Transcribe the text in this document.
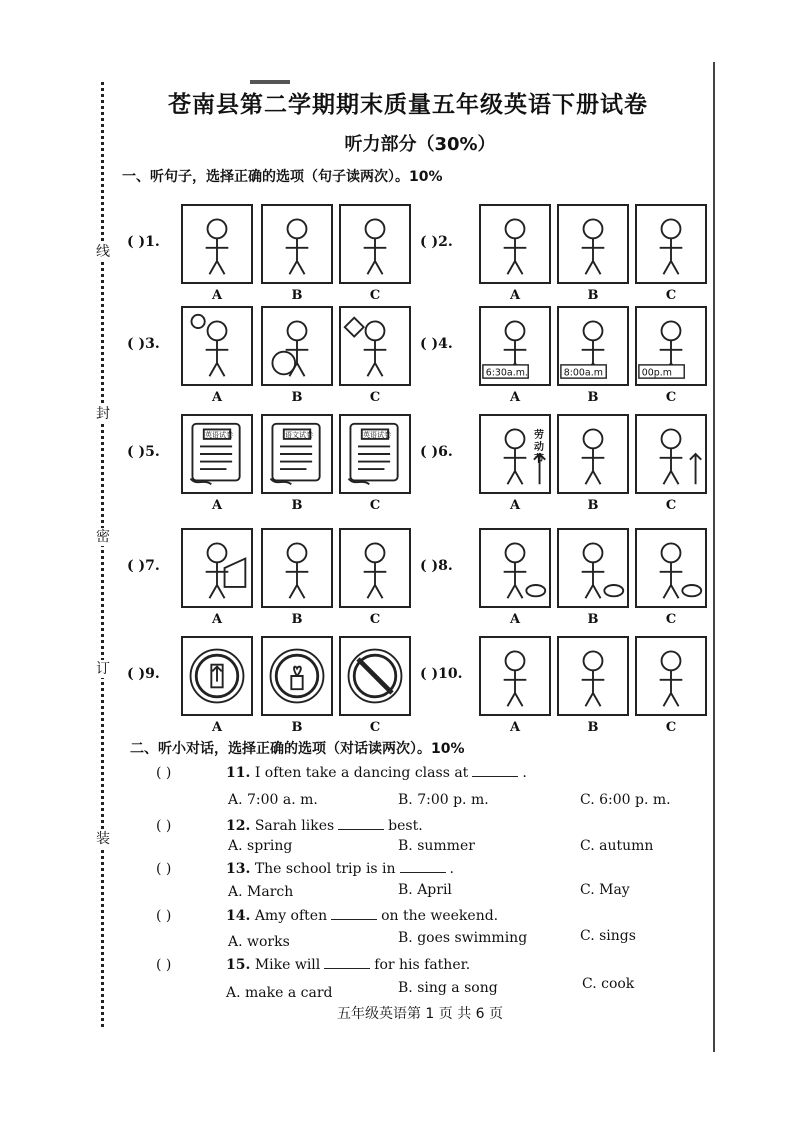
线
封
密
订
装
苍南县第二学期期末质量五年级英语下册试卷
听力部分（30%）
一、听句子，选择正确的选项（句子读两次）。10%
( )1.
A	B	C
( )2.
A	B	C
( )3.
A	B	C
( )4.
6:30a.m.
A
8:00a.m
B
00p.m
C
( )5.
英语试卷
A
语文试卷
B
英语试卷
C
( )6.
劳动节
A	B	C
( )7.
A	B	C
( )8.
A	B	C
( )9.
A	B	C
( )10.
A	B	C
二、听小对话，选择正确的选项（对话读两次）。10%
( )	11. I often take a dancing class at	.
A. 7:00 a. m.	B. 7:00 p. m.	C. 6:00 p. m.
( )	12. Sarah likes	best.
A. spring	B. summer	C. autumn
( )	13. The school trip is in	.
A. March	B. April	C. May
( )	14. Amy often	on the weekend.
A. works	B. goes swimming	C. sings
( )	15. Mike will	for his father.
A. make a card	B. sing a song	C. cook
五年级英语第 1 页 共 6 页
